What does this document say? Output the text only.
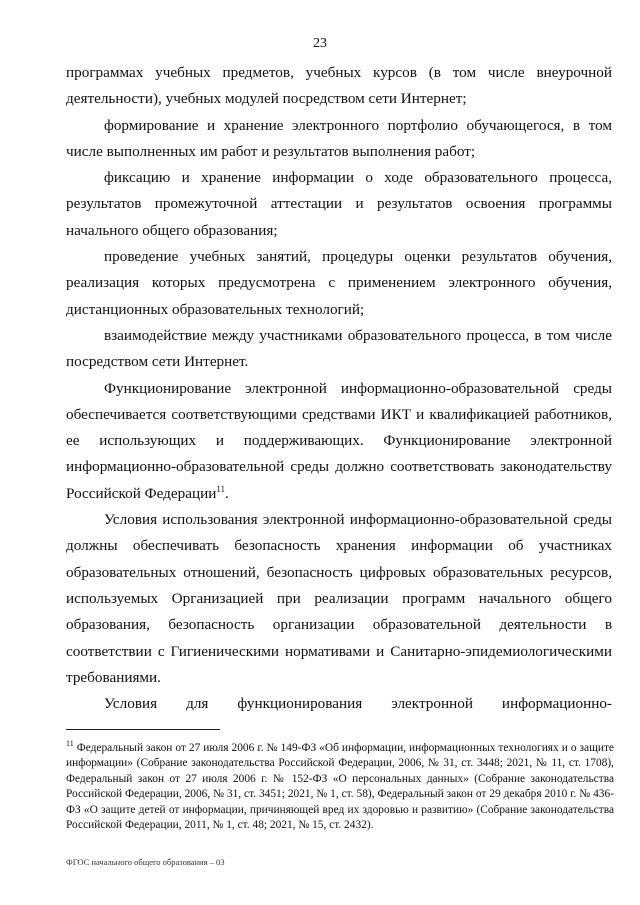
23

программах учебных предметов, учебных курсов (в том числе внеурочной деятельности), учебных модулей посредством сети Интернет;

формирование и хранение электронного портфолио обучающегося, в том числе выполненных им работ и результатов выполнения работ;

фиксацию и хранение информации о ходе образовательного процесса, результатов промежуточной аттестации и результатов освоения программы начального общего образования;

проведение учебных занятий, процедуры оценки результатов обучения, реализация которых предусмотрена с применением электронного обучения, дистанционных образовательных технологий;

взаимодействие между участниками образовательного процесса, в том числе посредством сети Интернет.

Функционирование электронной информационно-образовательной среды обеспечивается соответствующими средствами ИКТ и квалификацией работников, ее использующих и поддерживающих. Функционирование электронной информационно-образовательной среды должно соответствовать законодательству Российской Федерации$^{11}$.

Условия использования электронной информационно-образовательной среды должны обеспечивать безопасность хранения информации об участниках образовательных отношений, безопасность цифровых образовательных ресурсов, используемых Организацией при реализации программ начального общего образования, безопасность организации образовательной деятельности в соответствии с Гигиеническими нормативами и Санитарно-эпидемиологическими требованиями.

Условия для функционирования электронной информационно-

$^{11}$ Федеральный закон от 27 июля 2006 г. № 149-ФЗ «Об информации, информационных технологиях и о защите информации» (Собрание законодательства Российской Федерации, 2006, № 31, ст. 3448; 2021, № 11, ст. 1708), Федеральный закон от 27 июля 2006 г. № 152-ФЗ «О персональных данных» (Собрание законодательства Российской Федерации, 2006, № 31, ст. 3451; 2021, № 1, ст. 58), Федеральный закон от 29 декабря 2010 г. № 436-ФЗ «О защите детей от информации, причиняющей вред их здоровью и развитию» (Собрание законодательства Российской Федерации, 2011, № 1, ст. 48; 2021, № 15, ст. 2432).
ФГОС начального общего образования – 03
